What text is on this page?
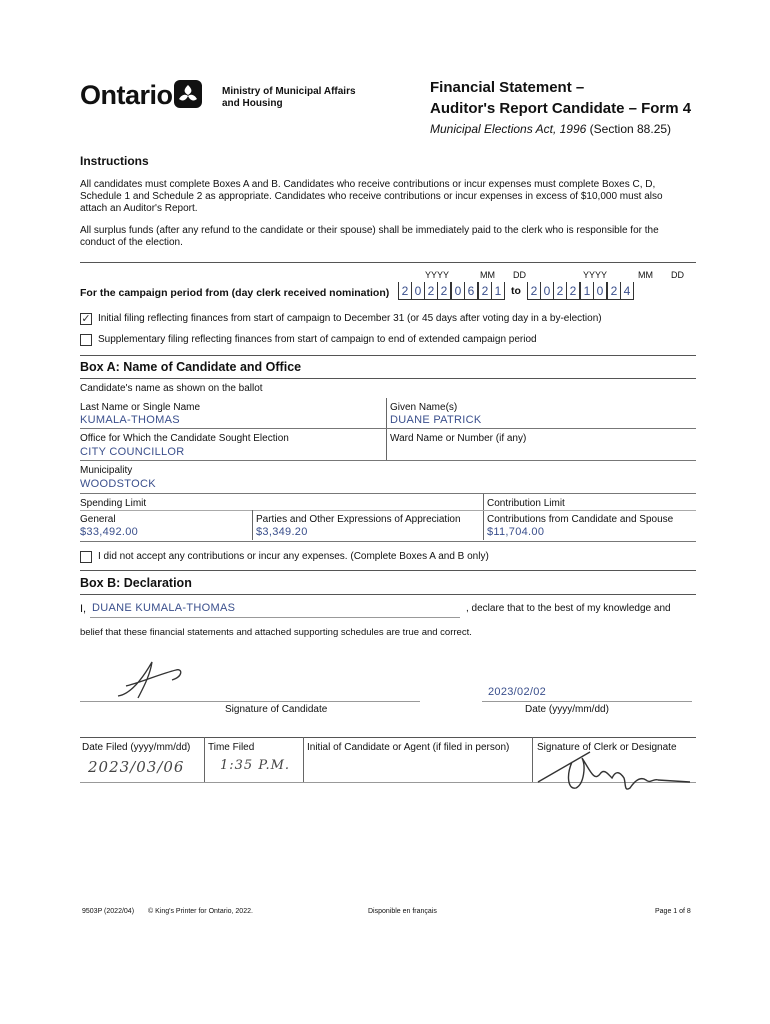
Ontario	Ministry of Municipal Affairs and Housing
Financial Statement –
Auditor's Report Candidate – Form 4
Municipal Elections Act, 1996 (Section 88.25)
Instructions
All candidates must complete Boxes A and B. Candidates who receive contributions or incur expenses must complete Boxes C, D, Schedule 1 and Schedule 2 as appropriate. Candidates who receive contributions or incur expenses in excess of $10,000 must also attach an Auditor's Report.
All surplus funds (after any refund to the candidate or their spouse) shall be immediately paid to the clerk who is responsible for the conduct of the election.
YYYY	MM DD	YYYY	MM DD
For the campaign period from (day clerk received nomination)	2 0 2 2 0 6 2 1 to 2 0 2 2 1 0 2 4
✓ Initial filing reflecting finances from start of campaign to December 31 (or 45 days after voting day in a by-election)
Supplementary filing reflecting finances from start of campaign to end of extended campaign period
Box A: Name of Candidate and Office
Candidate's name as shown on the ballot
Last Name or Single Name
KUMALA-THOMAS
Given Name(s)
DUANE PATRICK
Office for Which the Candidate Sought Election
CITY COUNCILLOR
Ward Name or Number (if any)
Municipality
WOODSTOCK
Spending Limit	Contribution Limit
General
$33,492.00
Parties and Other Expressions of Appreciation
$3,349.20
Contributions from Candidate and Spouse
$11,704.00
I did not accept any contributions or incur any expenses. (Complete Boxes A and B only)
Box B: Declaration
I, DUANE KUMALA-THOMAS	, declare that to the best of my knowledge and
belief that these financial statements and attached supporting schedules are true and correct.
Signature of Candidate
2023/02/02
Date (yyyy/mm/dd)
Date Filed (yyyy/mm/dd)
2023/03/06
Time Filed
1:35 P.M.
Initial of Candidate or Agent (if filed in person)	Signature of Clerk or Designate
9503P (2022/04) © King's Printer for Ontario, 2022.	Disponible en français	Page 1 of 8
